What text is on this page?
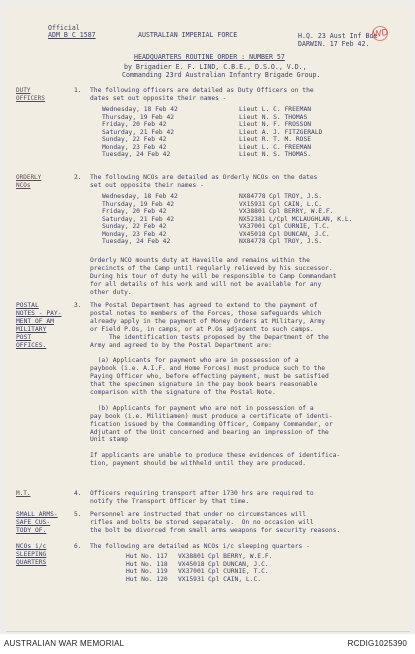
Official
ADM B C 1587	AUSTRALIAN IMPERIAL FORCE	H.Q. 23 Aust Inf Bde
DARWIN. 17 Feb 42.
WD
HEADQUARTERS ROUTINE ORDER : NUMBER 57
by Brigadier E. F. LIND, C.B.E., D.S.O., V.D.,
Commanding 23rd Australian Infantry Brigade Group.
DUTY
OFFICERS
1. The following officers are detailed as Duty Officers on the
dates set out opposite their names -
Wednesday, 18 Feb 42	Lieut L. C. FREEMAN
Thursday, 19 Feb 42	Lieut N. S. THOMAS
Friday, 20 Feb 42	Lieut N. F. FROSSON
Saturday, 21 Feb 42	Lieut A. J. FITZGERALD
Sunday, 22 Feb 42	Lieut R. T. M. ROSE
Monday, 23 Feb 42	Lieut L. C. FREEMAN
Tuesday, 24 Feb 42	Lieut N. S. THOMAS.
ORDERLY
NCOs
2. The following NCOs are detailed as Orderly NCOs on the dates
set out opposite their names -
Wednesday, 18 Feb 42	NX84778 Cpl TROY, J.S.
Thursday, 19 Feb 42	VX15931 Cpl CAIN, L.C.
Friday, 20 Feb 42	VX38801 Cpl BERRY, W.E.F.
Saturday, 21 Feb 42	NX52381 L/Cpl MCLAUGHLAN, K.L.
Sunday, 22 Feb 42	VX37001 Cpl CURNIE, T.C.
Monday, 23 Feb 42	VX45018 Cpl DUNCAN, J.C.
Tuesday, 24 Feb 42	NX84778 Cpl TROY, J.S.
Orderly NCO mounts duty at Haveille and remains within the
precincts of the Camp until regularly relieved by his successor.
During his tour of duty he will be responsible to Camp Commandant
for all details of his work and will not be available for any
other duty.
POSTAL
NOTES - PAY-
MENT OF AM
MILITARY
POST
OFFICES.
3. The Postal Department has agreed to extend to the payment of
postal notes to members of the Forces, those safeguards which
already apply in the payment of Money Orders at Military, Army
or Field P.Os, in camps, or at P.Os adjacent to such camps.
The identification tests proposed by the Department of the
Army and agreed to by the Postal Department are:

(a) Applicants for payment who are in possession of a
paybook (i.e. A.I.F. and Home Forces) must produce such to the
Paying Officer who, before effecting payment, must be satisfied
that the specimen signature in the pay book bears reasonable
comparison with the signature of the Postal Note.

(b) Applicants for payment who are not in possession of a
pay book (i.e. Militiamen) must produce a certificate of identi-
fication issued by the Commanding Officer, Company Commander, or
Adjutant of the Unit concerned and bearing an impression of the
Unit stamp

If applicants are unable to produce these evidences of identifica-
tion, payment should be withheld until they are produced.
M.T.	4. Officers requiring transport after 1730 hrs are required to
notify the Transport Officer by that time.
SMALL ARMS-
SAFE CUS-
TODY OF.
5. Personnel are instructed that under no circumstances will
rifles and bolts be stored separately.  On no occasion will
the bolt be divorced from small arms weapons for security reasons.
NCOs i/c
SLEEPING
QUARTERS
6. The following are detailed as NCOs i/c sleeping quarters -
Hut No. 117	VX38801 Cpl BERRY, W.E.F.
Hut No. 118	VX45018 Cpl DUNCAN, J.C.
Hut No. 119	VX37001 Cpl CURNIE, T.C.
Hut No. 120	VX15931 Cpl CAIN, L.C.
AUSTRALIAN WAR MEMORIAL	RCDIG1025390
